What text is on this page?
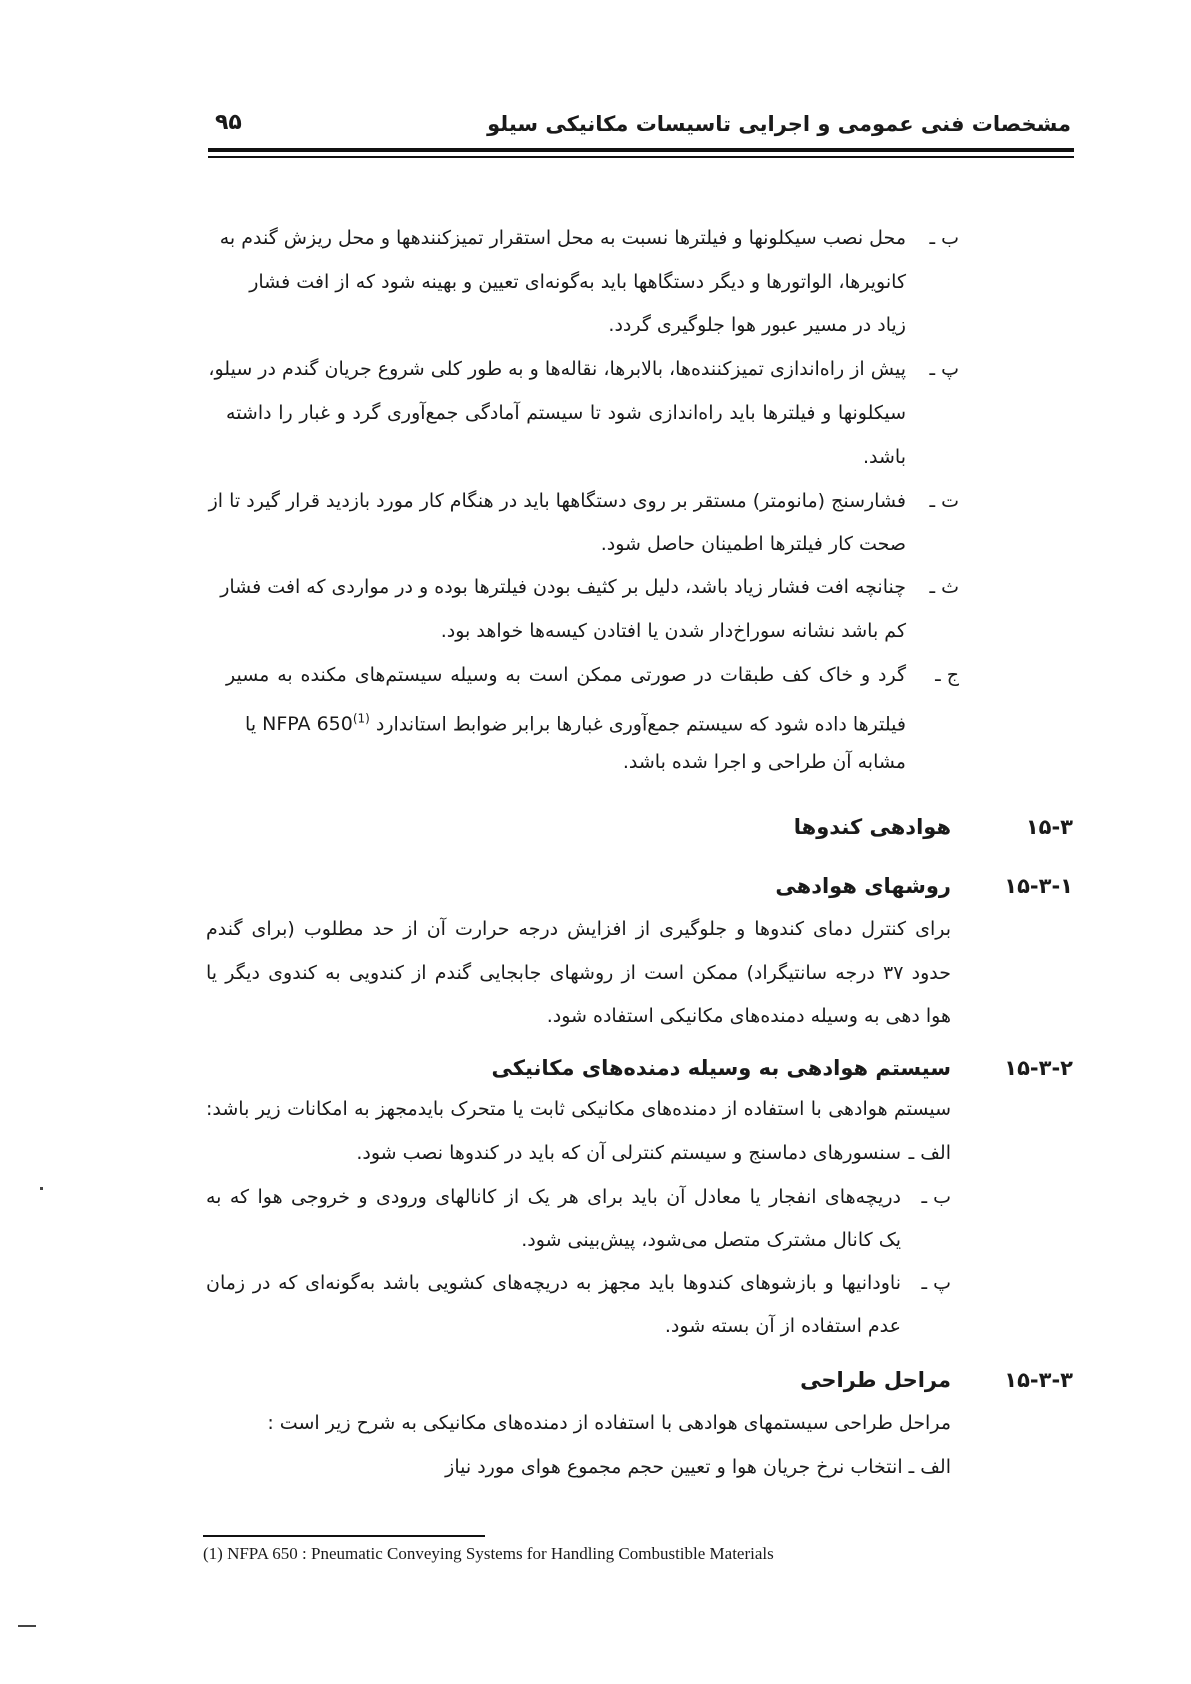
مشخصات فنی عمومی و اجرایی تاسیسات مکانیکی سیلو
۹۵
ب ـ
محل نصب سیکلونها و فیلترها نسبت به محل استقرار تمیزکنندهها و محل ریزش گندم به
کانویرها، الواتورها و دیگر دستگاهها باید به‌گونه‌ای تعیین و بهینه شود که از افت فشار
زیاد در مسیر عبور هوا جلوگیری گردد.
پ ـ
پیش از راه‌اندازی تمیزکننده‌ها، بالابرها، نقاله‌ها و به طور کلی شروع جریان گندم در سیلو،
سیکلونها و فیلترها باید راه‌اندازی شود تا سیستم آمادگی جمع‌آوری گرد و غبار را داشته
باشد.
ت ـ
فشارسنج (مانومتر) مستقر بر روی دستگاهها باید در هنگام کار مورد بازدید قرار گیرد تا از
صحت کار فیلترها اطمینان حاصل شود.
ث ـ
چنانچه افت فشار زیاد باشد، دلیل بر کثیف بودن فیلترها بوده و در مواردی که افت فشار
کم باشد نشانه سوراخ‌دار شدن یا افتادن کیسه‌ها خواهد بود.
ج ـ
گرد و خاک کف طبقات در صورتی ممکن است به وسیله سیستم‌های مکنده به مسیر
فیلترها داده شود که سیستم جمع‌آوری غبارها برابر ضوابط استاندارد NFPA 650$^{(1)}$ یا
مشابه آن طراحی و اجرا شده باشد.
۱۵-۳
هوادهی کندوها
۱۵-۳-۱
روشهای هوادهی
برای کنترل دمای کندوها و جلوگیری از افزایش درجه حرارت آن از حد مطلوب (برای گندم
حدود ۳۷ درجه سانتیگراد) ممکن است از روشهای جابجایی گندم از کندویی به کندوی دیگر یا
هوا دهی به وسیله دمنده‌های مکانیکی استفاده شود.
۱۵-۳-۲
سیستم هوادهی به وسیله دمنده‌های مکانیکی
سیستم هوادهی با استفاده از دمنده‌های مکانیکی ثابت یا متحرک بایدمجهز به امکانات زیر باشد:
الف ـ
سنسورهای دماسنج و سیستم کنترلی آن که باید در کندوها نصب شود.
ب ـ
دریچه‌های انفجار یا معادل آن باید برای هر یک از کانالهای ورودی و خروجی هوا که به
یک کانال مشترک متصل می‌شود، پیش‌بینی شود.
پ ـ
ناودانیها و بازشوهای کندوها باید مجهز به دریچه‌های کشویی باشد به‌گونه‌ای که در زمان
عدم استفاده از آن بسته شود.
۱۵-۳-۳
مراحل طراحی
مراحل طراحی سیستمهای هوادهی با استفاده از دمنده‌های مکانیکی به شرح زیر است :
الف ـ انتخاب نرخ جریان هوا و تعیین حجم مجموع هوای مورد نیاز
(1) NFPA 650 : Pneumatic Conveying Systems for Handling Combustible Materials
